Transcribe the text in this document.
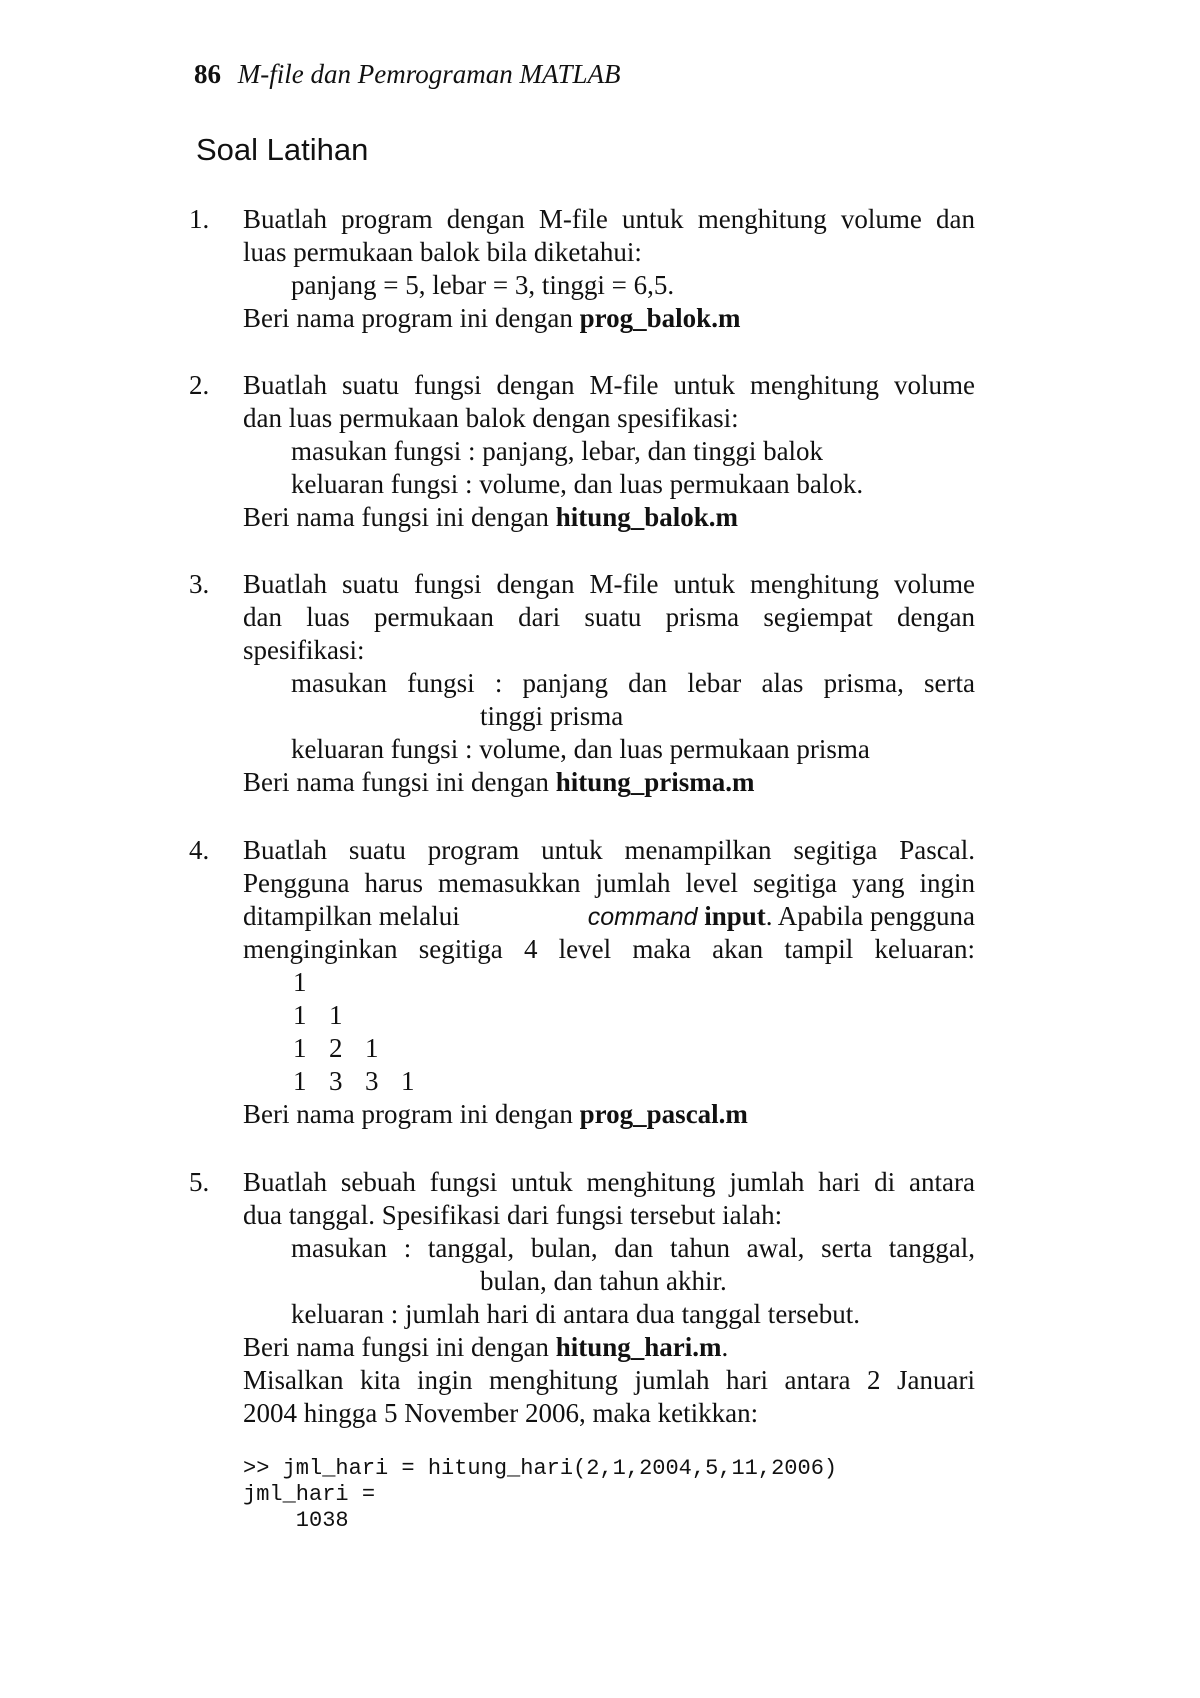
86 M-file dan Pemrograman MATLAB
Soal Latihan
1. Buatlah program dengan M-file untuk menghitung volume dan
luas permukaan balok bila diketahui:
panjang = 5, lebar = 3, tinggi = 6,5.
Beri nama program ini dengan prog_balok.m
2. Buatlah suatu fungsi dengan M-file untuk menghitung volume
dan luas permukaan balok dengan spesifikasi:
masukan fungsi : panjang, lebar, dan tinggi balok
keluaran fungsi : volume, dan luas permukaan balok.
Beri nama fungsi ini dengan hitung_balok.m
3. Buatlah suatu fungsi dengan M-file untuk menghitung volume
dan luas permukaan dari suatu prisma segiempat dengan
spesifikasi:
masukan fungsi : panjang dan lebar alas prisma, serta
tinggi prisma
keluaran fungsi : volume, dan luas permukaan prisma
Beri nama fungsi ini dengan hitung_prisma.m
4. Buatlah suatu program untuk menampilkan segitiga Pascal.
Pengguna harus memasukkan jumlah level segitiga yang ingin
ditampilkan melalui	command input. Apabila pengguna
menginginkan segitiga 4 level maka akan tampil keluaran:
1
1 1
1 2 1
1 3 3 1
Beri nama program ini dengan prog_pascal.m
5. Buatlah sebuah fungsi untuk menghitung jumlah hari di antara
dua tanggal. Spesifikasi dari fungsi tersebut ialah:
masukan : tanggal, bulan, dan tahun awal, serta tanggal,
bulan, dan tahun akhir.
keluaran : jumlah hari di antara dua tanggal tersebut.
Beri nama fungsi ini dengan hitung_hari.m.
Misalkan kita ingin menghitung jumlah hari antara 2 Januari
2004 hingga 5 November 2006, maka ketikkan:
>> jml_hari = hitung_hari(2,1,2004,5,11,2006)
jml_hari =
1038
